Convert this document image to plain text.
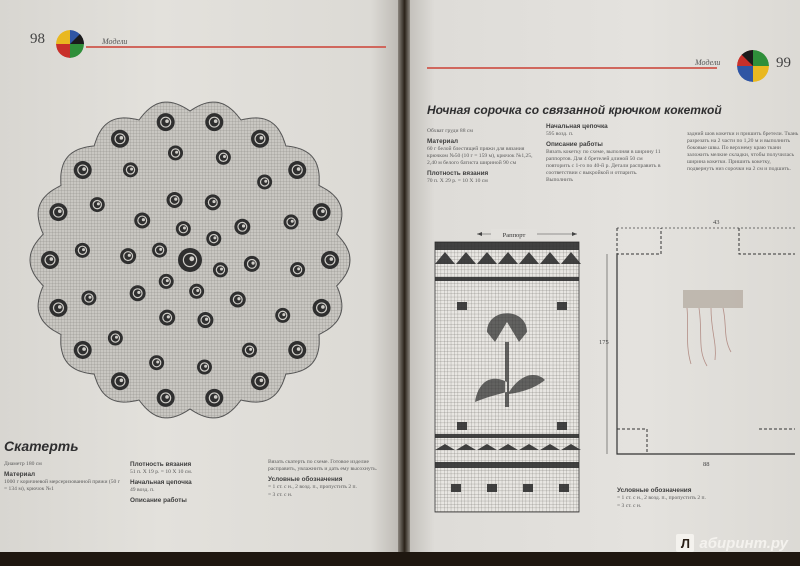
98	Модели
Скатерть
Диаметр 180 см
Материал
1000 г коричневой мерсеризованной пряжи (50 г = 134 м), крючок №1
Плотность вязания
51 п. Х 19 р. = 10 Х 10 см.
Начальная цепочка
49 возд. п.
Описание работы
Вязать скатерть по схеме. Готовое изделие расправить, увлажнить и дать ему высохнуть.
Условные обозначения
= 1 ст. с н., 2 возд. п., пропустить 2 п.
= 3 ст. с н.
Модели	99
Ночная сорочка со связанной крючком кокеткой
Обхват груди 88 см
Материал
60 г белой блестящей пряжи для вязания крючком №50 (10 г = 159 м), крючок №1,25, 2,40 м белого батиста шириной 90 см
Плотность вязания
70 п. Х 29 р. = 10 Х 10 см
Начальная цепочка
595 возд. п.
Описание работы
Вязать кокетку по схеме, выполняя в ширину 11 раппортов. Для 4 бретелей длиной 50 см повторить с 1-го по 40-й р. Детали расправить в соответствии с выкройкой и отпарить. Выполнить
задний шов кокетки и пришить бретели. Ткань разрезать на 2 части по 1,20 м и выполнить боковые швы. По верхнему краю ткани заложить мелкие складки, чтобы получилась ширина кокетки. Пришить кокетку, подвернуть низ сорочки на 2 см и подшить.
Раппорт
43
175
88
Условные обозначения
= 1 ст. с н., 2 возд. п., пропустить 2 п.
= 3 ст. с н.
Л абиринт.ру
